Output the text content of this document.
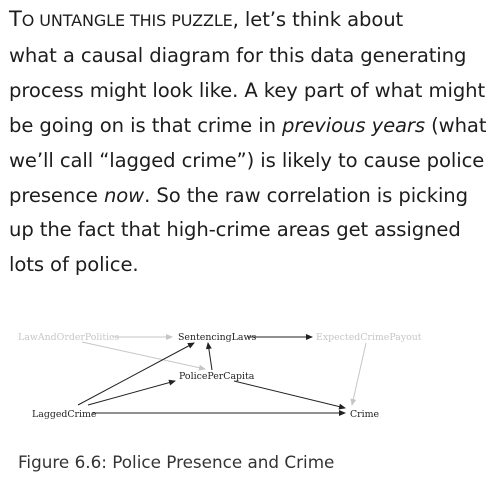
TO UNTANGLE THIS PUZZLE, let’s think about
what a causal diagram for this data generating
process might look like. A key part of what might
be going on is that crime in previous years (what
we’ll call “lagged crime”) is likely to cause police
presence now. So the raw correlation is picking
up the fact that high-crime areas get assigned
lots of police.
LawAndOrderPolitics	SentencingLaws	ExpectedCrimePayout
PolicePerCapita
LaggedCrime	Crime
Figure 6.6: Police Presence and Crime
